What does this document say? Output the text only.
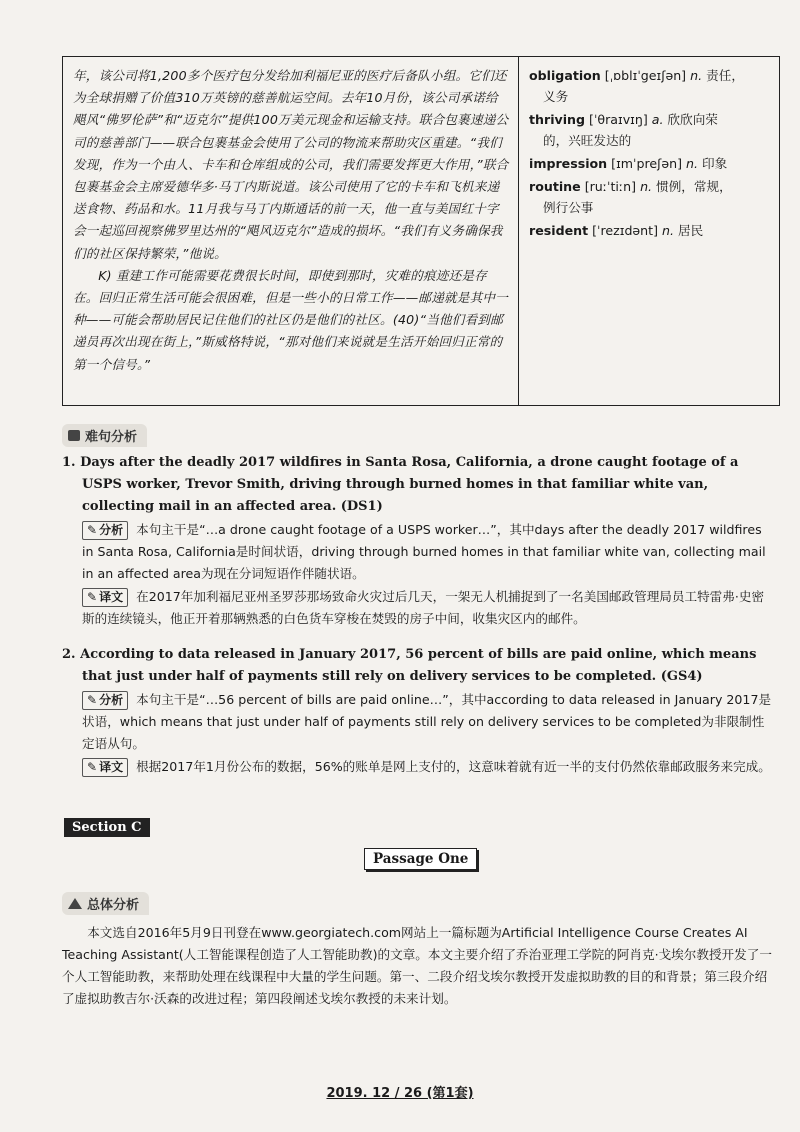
年，该公司将1,200多个医疗包分发给加利福尼亚的医疗后备队小组。它们还为全球捐赠了价值310万英镑的慈善航运空间。去年10月份，该公司承诺给飓风“佛罗伦萨”和“迈克尔”提供100万美元现金和运输支持。联合包裹速递公司的慈善部门——联合包裹基金会使用了公司的物流来帮助灾区重建。“我们发现，作为一个由人、卡车和仓库组成的公司，我们需要发挥更大作用，”联合包裹基金会主席爱德华多·马丁内斯说道。该公司使用了它的卡车和飞机来递送食物、药品和水。11月我与马丁内斯通话的前一天，他一直与美国红十字会一起巡回视察佛罗里达州的“飓风迈克尔”造成的损坏。“我们有义务确保我们的社区保持繁荣，”他说。

K) 重建工作可能需要花费很长时间，即使到那时，灾难的痕迹还是存在。回归正常生活可能会很困难，但是一些小的日常工作——邮递就是其中一种——可能会帮助居民记住他们的社区仍是他们的社区。(40)“当他们看到邮递员再次出现在街上，”斯威格特说，“那对他们来说就是生活开始回归正常的第一个信号。”

obligation [ˌɒblɪˈgeɪʃən] n. 责任，
义务
thriving [ˈθraɪvɪŋ] a. 欣欣向荣
的，兴旺发达的
impression [ɪmˈpreʃən] n. 印象
routine [ruːˈtiːn] n. 惯例，常规，
例行公事
resident [ˈrezɪdənt] n. 居民
难句分析
1. Days after the deadly 2017 wildfires in Santa Rosa, California, a drone caught footage of a USPS worker, Trevor Smith, driving through burned homes in that familiar white van, collecting mail in an affected area. (DS1)
✎ 分析 本句主干是“…a drone caught footage of a USPS worker…”，其中days after the deadly 2017 wildfires in Santa Rosa, California是时间状语，driving through burned homes in that familiar white van, collecting mail in an affected area为现在分词短语作伴随状语。
✎ 译文 在2017年加利福尼亚州圣罗莎那场致命火灾过后几天，一架无人机捕捉到了一名美国邮政管理局员工特雷弗·史密斯的连续镜头，他正开着那辆熟悉的白色货车穿梭在焚毁的房子中间，收集灾区内的邮件。
2. According to data released in January 2017, 56 percent of bills are paid online, which means that just under half of payments still rely on delivery services to be completed. (GS4)
✎ 分析 本句主干是“…56 percent of bills are paid online…”，其中according to data released in January 2017是状语，which means that just under half of payments still rely on delivery services to be completed为非限制性定语从句。
✎ 译文 根据2017年1月份公布的数据，56%的账单是网上支付的，这意味着就有近一半的支付仍然依靠邮政服务来完成。
Section C
Passage One
总体分析
本文选自2016年5月9日刊登在www.georgiatech.com网站上一篇标题为Artificial Intelligence Course Creates AI Teaching Assistant(人工智能课程创造了人工智能助教)的文章。本文主要介绍了乔治亚理工学院的阿肖克·戈埃尔教授开发了一个人工智能助教，来帮助处理在线课程中大量的学生问题。第一、二段介绍戈埃尔教授开发虚拟助教的目的和背景；第三段介绍了虚拟助教吉尔·沃森的改进过程；第四段阐述戈埃尔教授的未来计划。
2019. 12 / 26 (第1套)
